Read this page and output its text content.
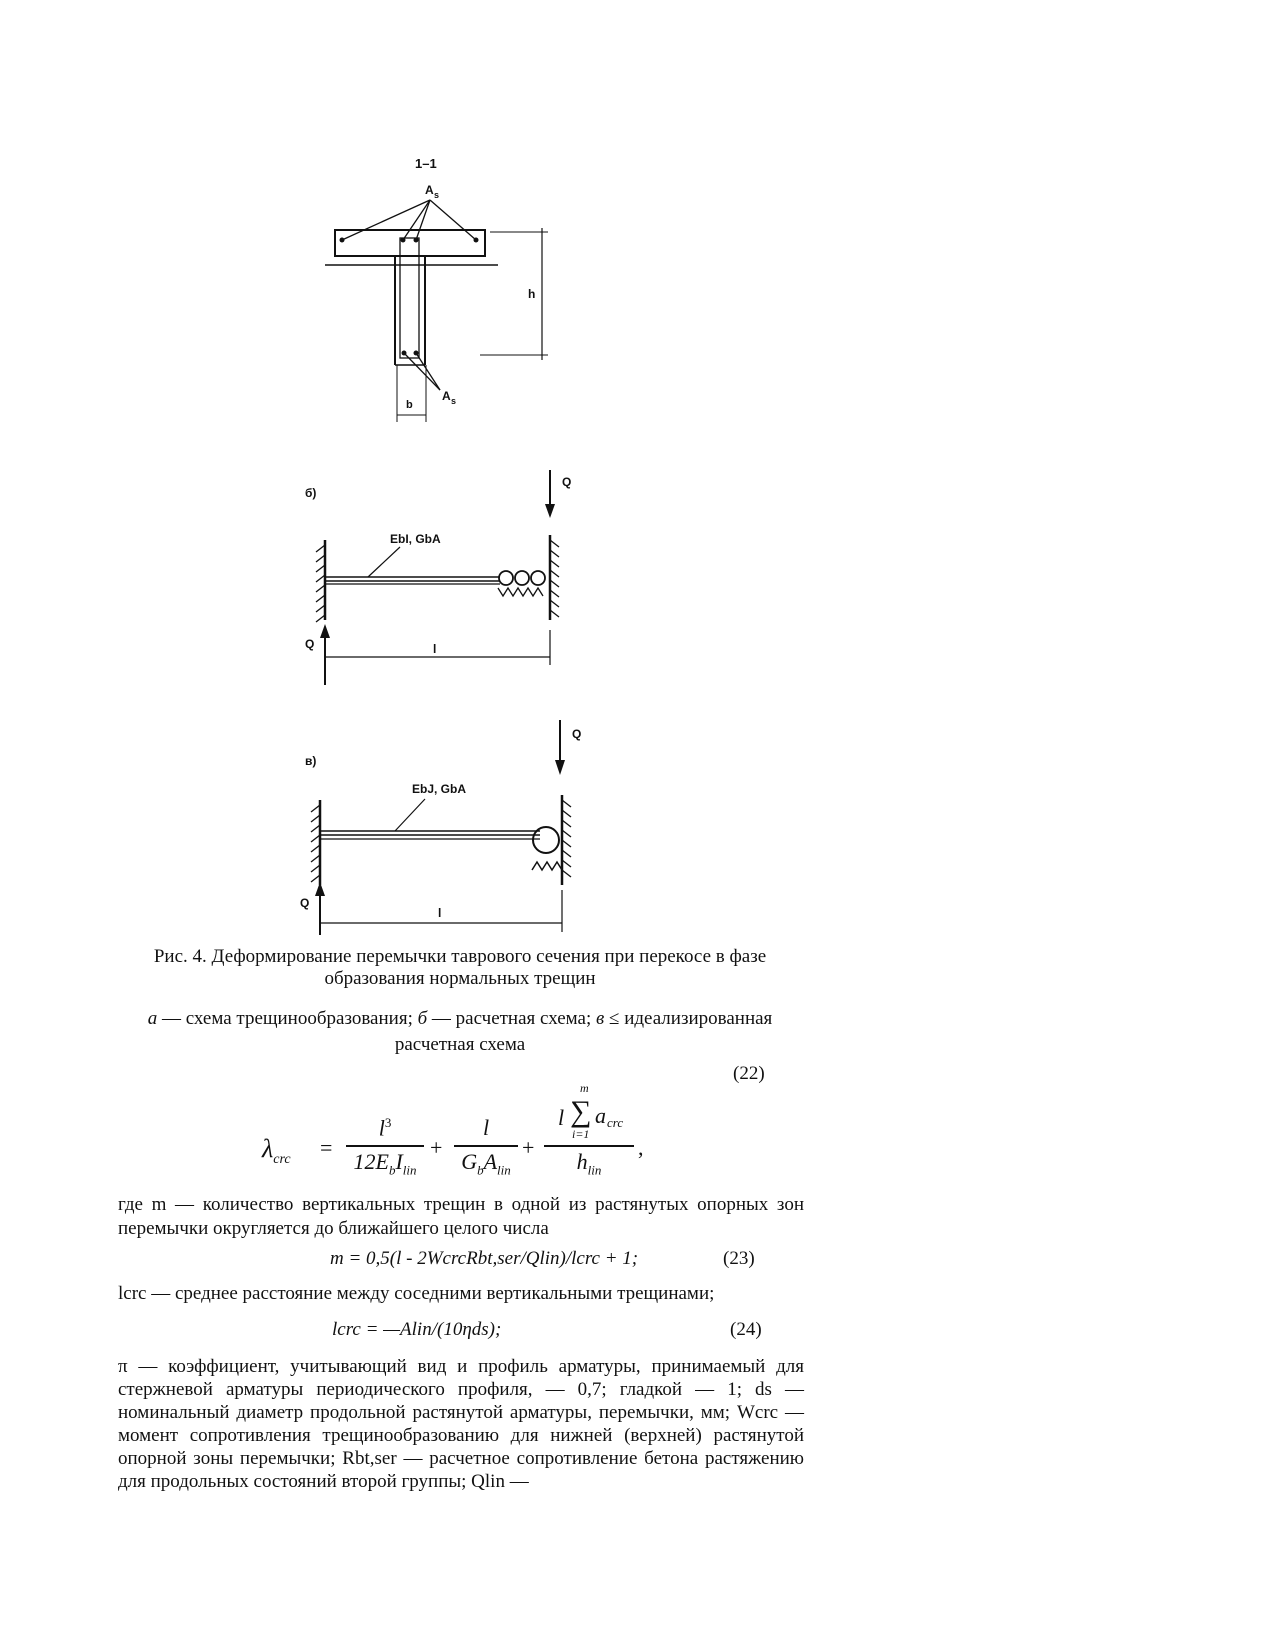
1–1
A s
A s
h
b
б)
EbI, GbA
Q
Q	l
в)
EbJ, GbA
Q
Q
l
Рис. 4. Деформирование перемычки таврового сечения при перекосе в фазе
образования нормальных трещин
а — схема трещинообразования; б — расчетная схема; в ≤ идеализированная
расчетная схема
(22)
$\lambda_{crc}$ =
$l^3$
$12E_bI_{lin}$
+
l
$G_bA_{lin}$
+
l
m
∑
i=1
a crc
$h_{lin}$
,
где m — количество вертикальных трещин в одной из растянутых опорных зон перемычки округляется до ближайшего целого числа
m = 0,5(l - 2WcrcRbt,ser/Qlin)/lcrc + 1;	(23)
lcrc — среднее расстояние между соседними вертикальными трещинами;
lcrc = —Alin/(10ηds);	(24)
π — коэффициент, учитывающий вид и профиль арматуры, принимаемый для стержневой арматуры периодического профиля, — 0,7; гладкой — 1; ds — номинальный диаметр продольной растянутой арматуры, перемычки, мм; Wcrc — момент сопротивления трещинообразованию для нижней (верхней) растянутой опорной зоны перемычки; Rbt,ser — расчетное сопротивление бетона растяжению для продольных состояний второй группы; Qlin —
